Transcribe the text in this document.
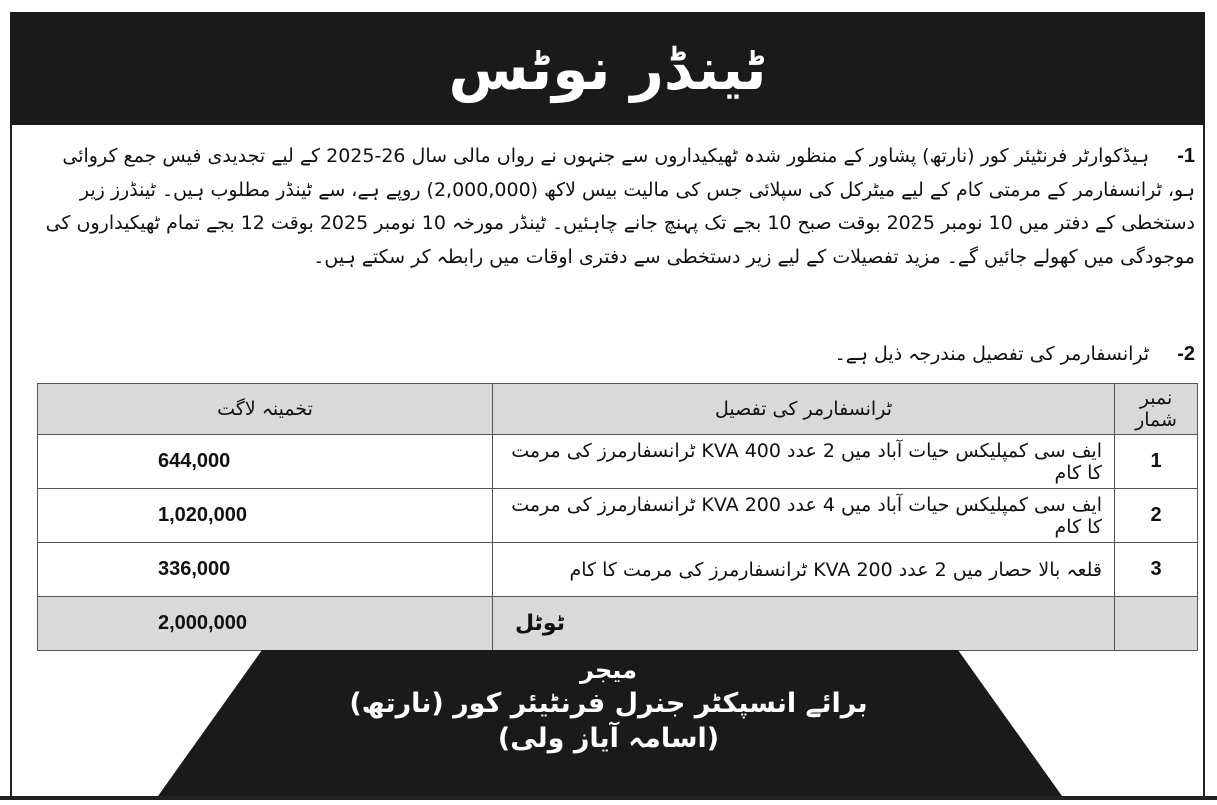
ٹینڈر نوٹس
-1 ہیڈکوارٹر فرنٹیئر کور (نارتھ) پشاور کے منظور شدہ ٹھیکیداروں سے جنہوں نے رواں مالی سال 26-2025 کے لیے تجدیدی فیس جمع کروائی ہو، ٹرانسفارمر کے مرمتی کام کے لیے میٹرکل کی سپلائی جس کی مالیت بیس لاکھ (2,000,000) روپے ہے، سے ٹینڈر مطلوب ہیں۔ ٹینڈرز زیر دستخطی کے دفتر میں 10 نومبر 2025 بوقت صبح 10 بجے تک پہنچ جانے چاہئیں۔ ٹینڈر مورخہ 10 نومبر 2025 بوقت 12 بجے تمام ٹھیکیداروں کی موجودگی میں کھولے جائیں گے۔ مزید تفصیلات کے لیے زیر دستخطی سے دفتری اوقات میں رابطہ کر سکتے ہیں۔
-2 ٹرانسفارمر کی تفصیل مندرجہ ذیل ہے۔
نمبر شمار	ٹرانسفارمر کی تفصیل	تخمینہ لاگت
1	ایف سی کمپلیکس حیات آباد میں 2 عدد KVA 400 ٹرانسفارمرز کی مرمت کا کام	644,000
2	ایف سی کمپلیکس حیات آباد میں 4 عدد KVA 200 ٹرانسفارمرز کی مرمت کا کام	1,020,000
3	قلعہ بالا حصار میں 2 عدد KVA 200 ٹرانسفارمرز کی مرمت کا کام	336,000
	ٹوٹل	2,000,000
میجر
برائے انسپکٹر جنرل فرنٹیئر کور (نارتھ)
(اسامہ آیاز ولی)
